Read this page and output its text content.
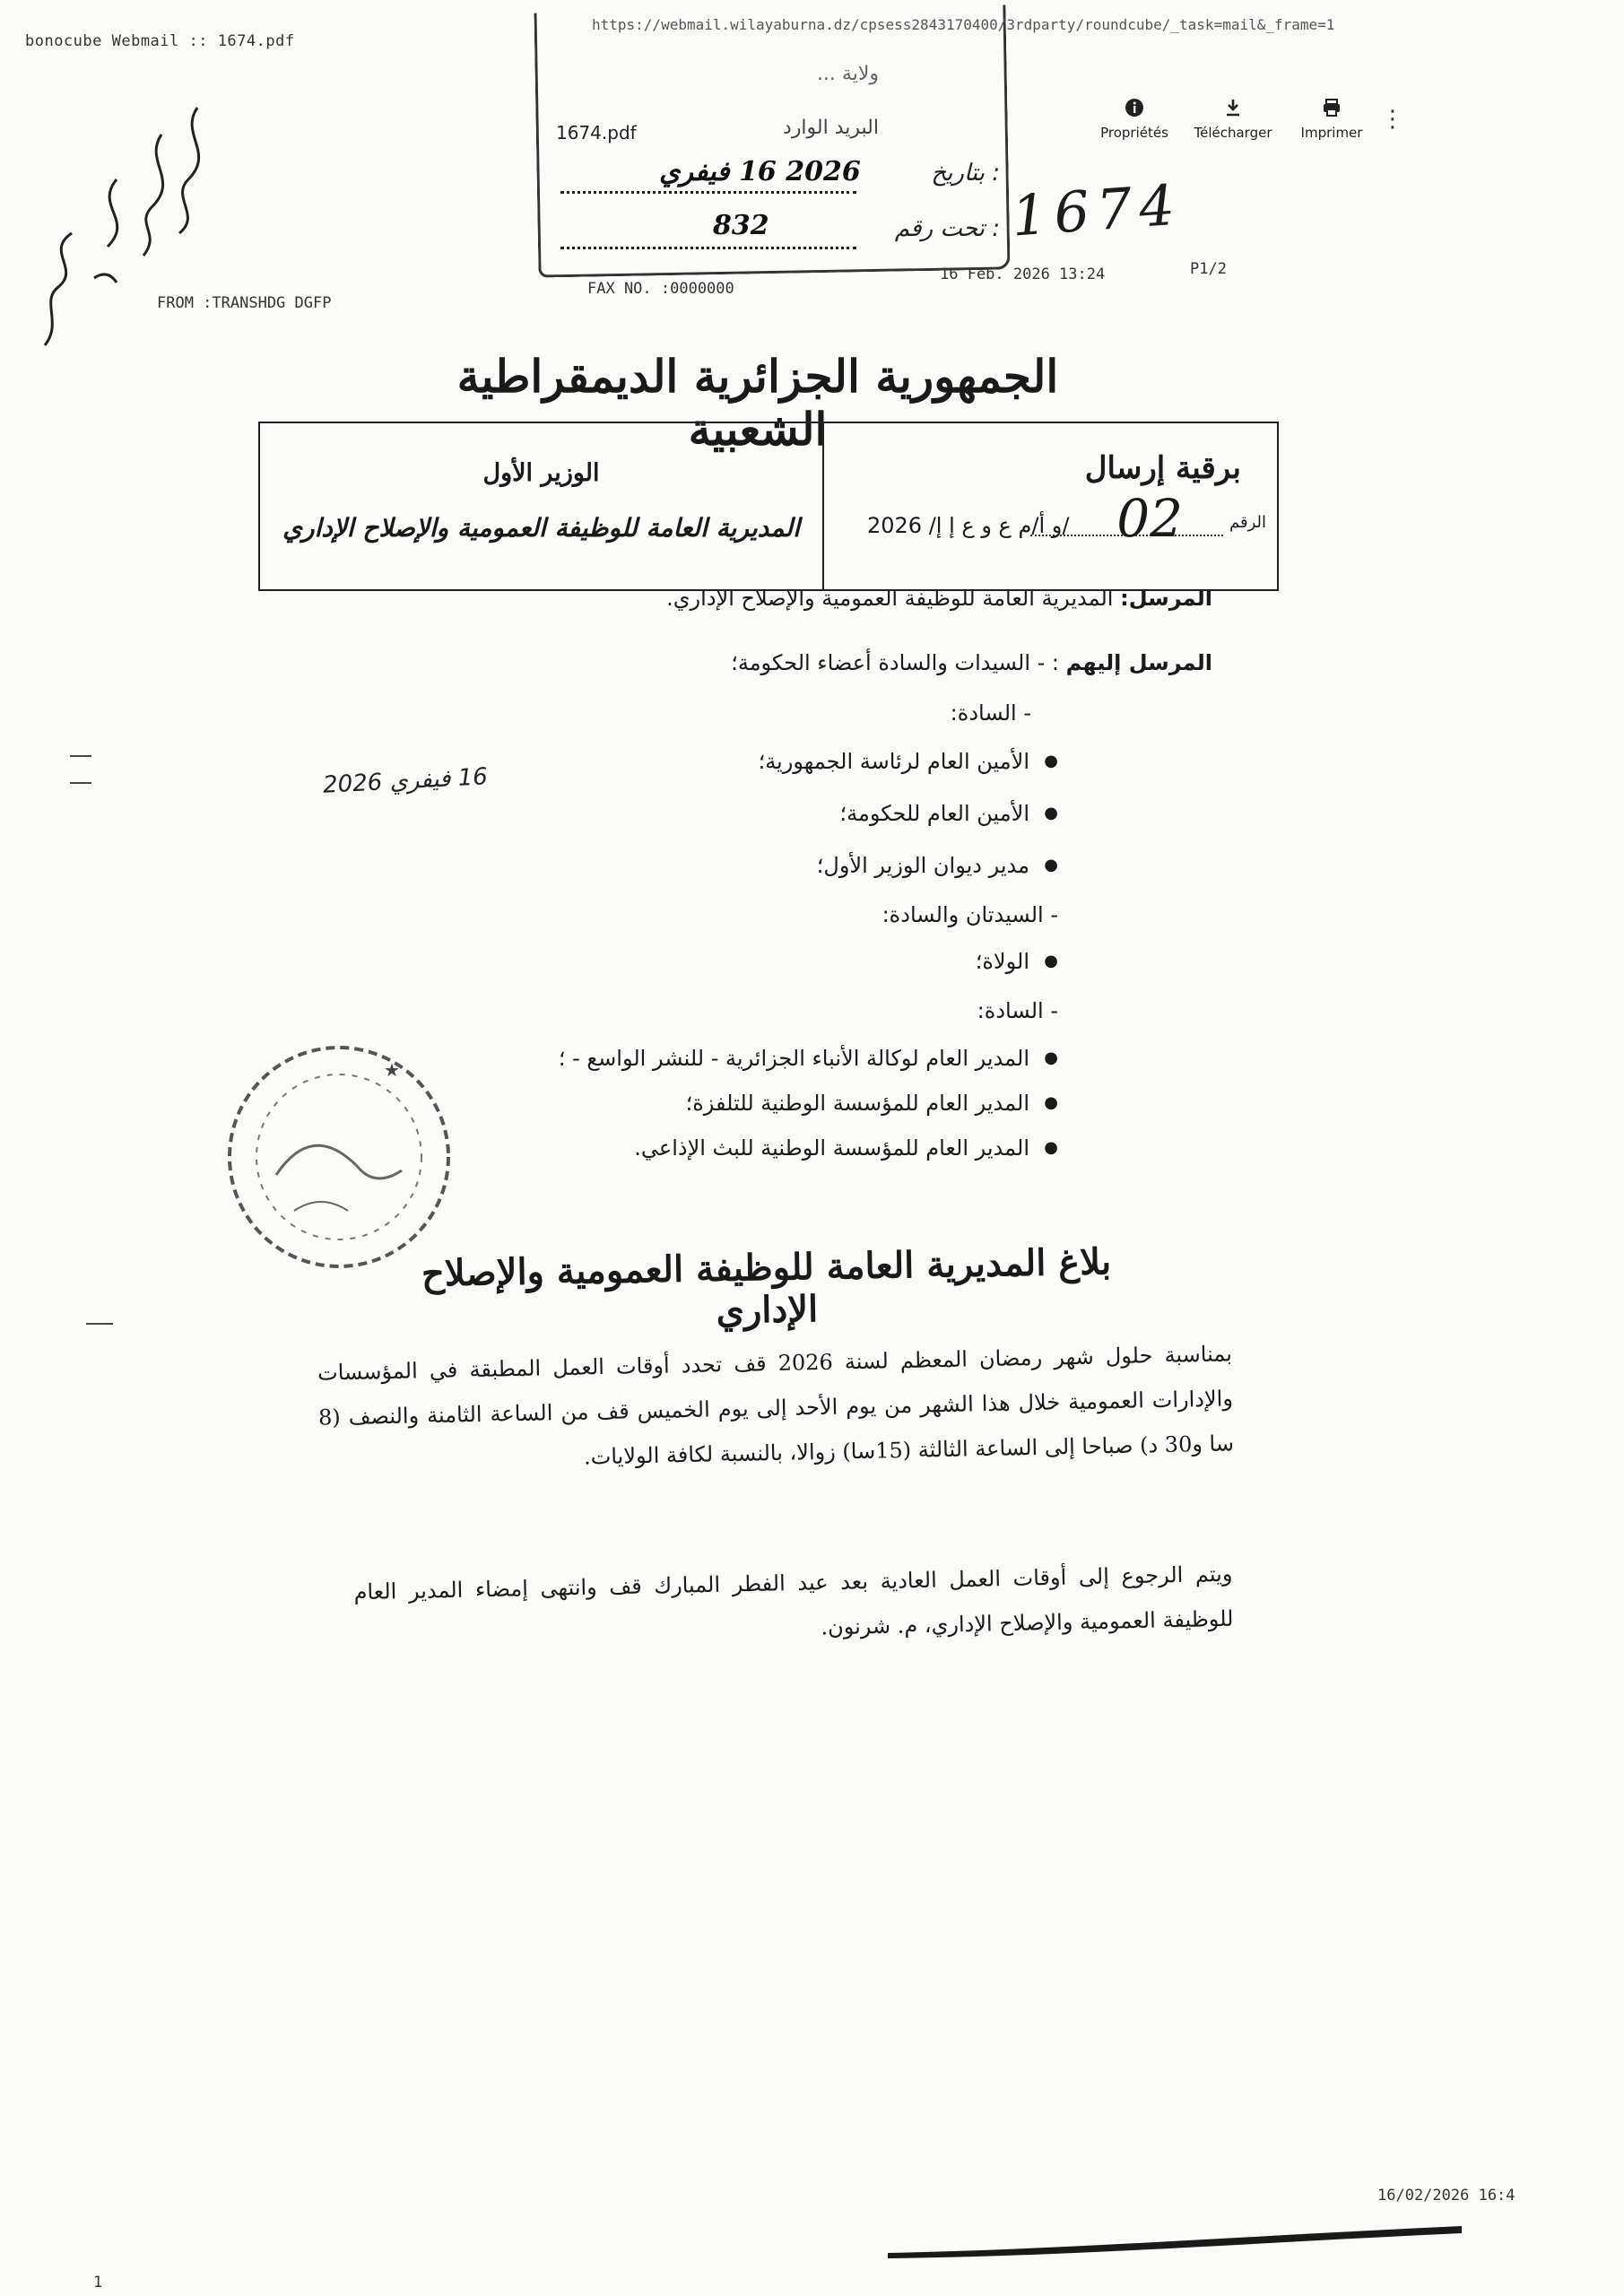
bonocube Webmail :: 1674.pdf
https://webmail.wilayaburna.dz/cpsess2843170400/3rdparty/roundcube/_task=mail&_frame=1
ولاية ...
1674.pdf	البريد الوارد
بتاريخ :
2026 16 فيفري
تحت رقم :
832
Propriétés	Télécharger	Imprimer ⋮
1674
FROM :TRANSHDG DGFP
FAX NO. :0000000
16 Feb. 2026 13:24	P1/2
الجمهورية الجزائرية الديمقراطية الشعبية
الوزير الأول
المديرية العامة للوظيفة العمومية والإصلاح الإداري
برقية إرسال
الرقم
02
/و أ/م ع و ع إ إ/ 2026
المرسل: المديرية العامة للوظيفة العمومية والإصلاح الإداري.
المرسل إليهم : - السيدات والسادة أعضاء الحكومة؛
- السادة:
● الأمين العام لرئاسة الجمهورية؛
● الأمين العام للحكومة؛
● مدير ديوان الوزير الأول؛
- السيدتان والسادة:
● الولاة؛
- السادة:
● المدير العام لوكالة الأنباء الجزائرية - للنشر الواسع - ؛
● المدير العام للمؤسسة الوطنية للتلفزة؛
● المدير العام للمؤسسة الوطنية للبث الإذاعي.
16 فيفري 2026
★
بلاغ المديرية العامة للوظيفة العمومية والإصلاح الإداري
بمناسبة حلول شهر رمضان المعظم لسنة 2026 قف تحدد أوقات العمل المطبقة في المؤسسات والإدارات العمومية خلال هذا الشهر من يوم الأحد إلى يوم الخميس قف من الساعة الثامنة والنصف (8 سا و30 د) صباحا إلى الساعة الثالثة (15سا) زوالا، بالنسبة لكافة الولايات.
ويتم الرجوع إلى أوقات العمل العادية بعد عيد الفطر المبارك قف وانتهى إمضاء المدير العام للوظيفة العمومية والإصلاح الإداري، م. شرنون.
16/02/2026 16:4
1
